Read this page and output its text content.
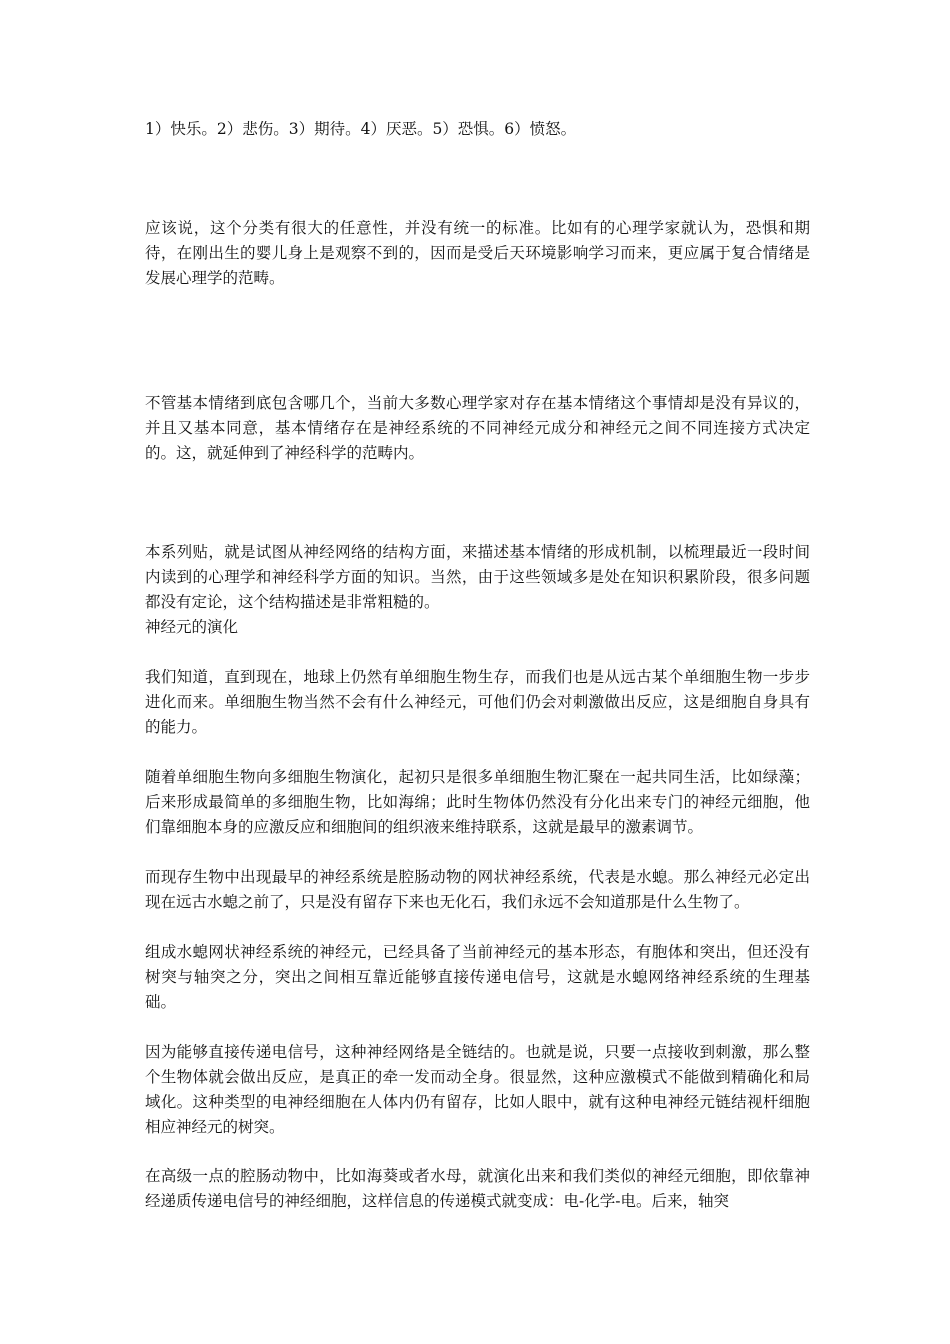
1）快乐。2）悲伤。3）期待。4）厌恶。5）恐惧。6）愤怒。

应该说，这个分类有很大的任意性，并没有统一的标准。比如有的心理学家就认为，恐惧和期待，在刚出生的婴儿身上是观察不到的，因而是受后天环境影响学习而来，更应属于复合情绪是发展心理学的范畴。

不管基本情绪到底包含哪几个，当前大多数心理学家对存在基本情绪这个事情却是没有异议的，并且又基本同意，基本情绪存在是神经系统的不同神经元成分和神经元之间不同连接方式决定的。这，就延伸到了神经科学的范畴内。

本系列贴，就是试图从神经网络的结构方面，来描述基本情绪的形成机制，以梳理最近一段时间内读到的心理学和神经科学方面的知识。当然，由于这些领域多是处在知识积累阶段，很多问题都没有定论，这个结构描述是非常粗糙的。

神经元的演化

我们知道，直到现在，地球上仍然有单细胞生物生存，而我们也是从远古某个单细胞生物一步步进化而来。单细胞生物当然不会有什么神经元，可他们仍会对刺激做出反应，这是细胞自身具有的能力。

随着单细胞生物向多细胞生物演化，起初只是很多单细胞生物汇聚在一起共同生活，比如绿藻；后来形成最简单的多细胞生物，比如海绵；此时生物体仍然没有分化出来专门的神经元细胞，他们靠细胞本身的应激反应和细胞间的组织液来维持联系，这就是最早的激素调节。

而现存生物中出现最早的神经系统是腔肠动物的网状神经系统，代表是水螅。那么神经元必定出现在远古水螅之前了，只是没有留存下来也无化石，我们永远不会知道那是什么生物了。

组成水螅网状神经系统的神经元，已经具备了当前神经元的基本形态，有胞体和突出，但还没有树突与轴突之分，突出之间相互靠近能够直接传递电信号，这就是水螅网络神经系统的生理基础。

因为能够直接传递电信号，这种神经网络是全链结的。也就是说，只要一点接收到刺激，那么整个生物体就会做出反应，是真正的牵一发而动全身。很显然，这种应激模式不能做到精确化和局域化。这种类型的电神经细胞在人体内仍有留存，比如人眼中，就有这种电神经元链结视杆细胞相应神经元的树突。

在高级一点的腔肠动物中，比如海葵或者水母，就演化出来和我们类似的神经元细胞，即依靠神经递质传递电信号的神经细胞，这样信息的传递模式就变成：电-化学-电。后来，轴突
